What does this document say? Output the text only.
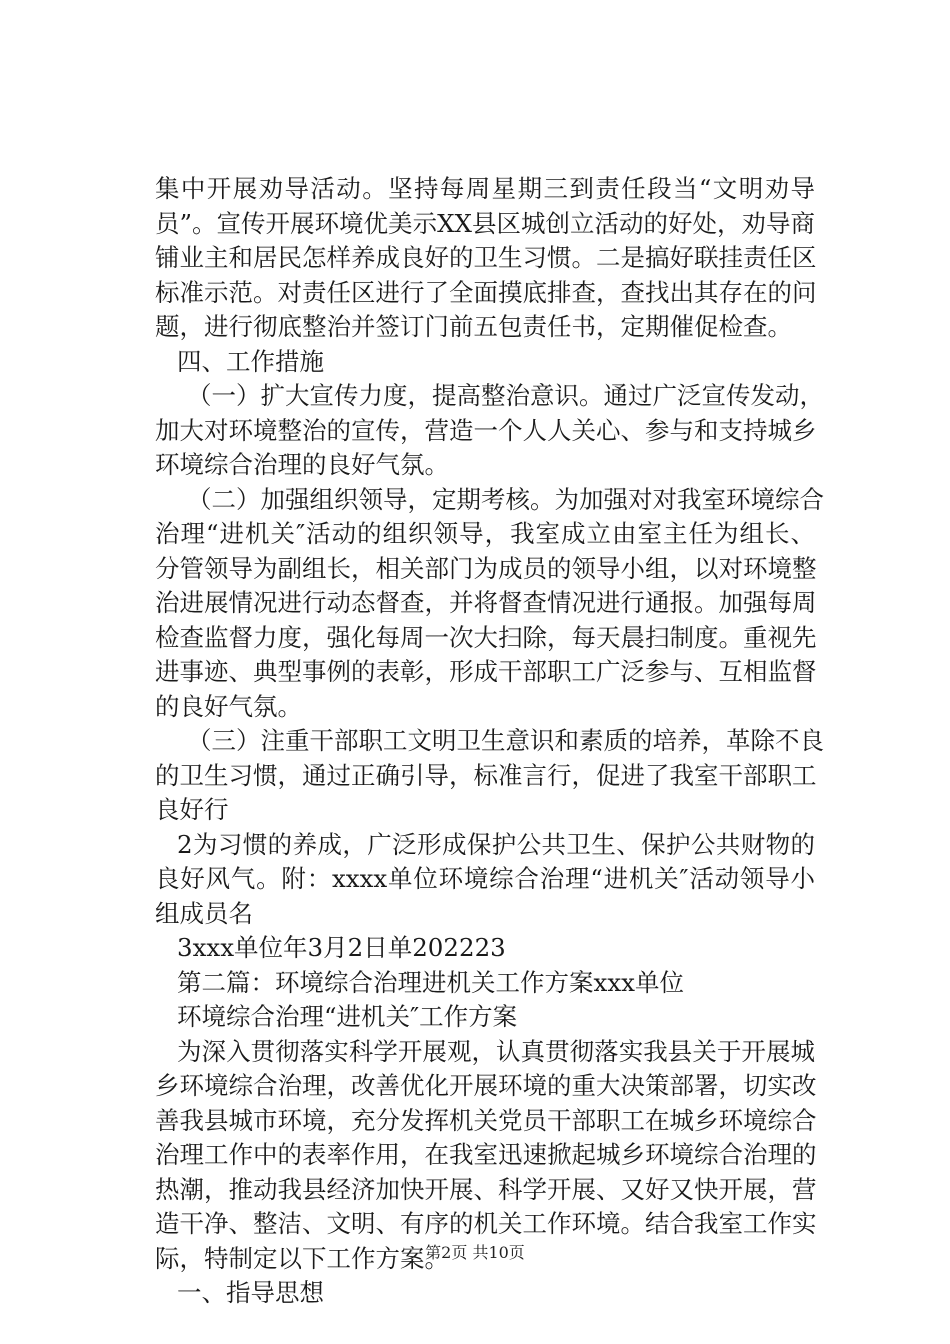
集中开展劝导活动。坚持每周星期三到责任段当“文明劝导
员”。宣传开展环境优美示XX县区城创立活动的好处，劝导商
铺业主和居民怎样养成良好的卫生习惯。二是搞好联挂责任区
标准示范。对责任区进行了全面摸底排查，查找出其存在的问
题，进行彻底整治并签订门前五包责任书，定期催促检查。
四、工作措施
（一）扩大宣传力度，提高整治意识。通过广泛宣传发动，
加大对环境整治的宣传，营造一个人人关心、参与和支持城乡
环境综合治理的良好气氛。
（二）加强组织领导，定期考核。为加强对对我室环境综合
治理“进机关″活动的组织领导，我室成立由室主任为组长、
分管领导为副组长，相关部门为成员的领导小组，以对环境整
治进展情况进行动态督查，并将督查情况进行通报。加强每周
检查监督力度，强化每周一次大扫除，每天晨扫制度。重视先
进事迹、典型事例的表彰，形成干部职工广泛参与、互相监督
的良好气氛。
（三）注重干部职工文明卫生意识和素质的培养，革除不良
的卫生习惯，通过正确引导，标准言行，促进了我室干部职工
良好行
2为习惯的养成，广泛形成保护公共卫生、保护公共财物的
良好风气。附：xxxx单位环境综合治理“进机关″活动领导小
组成员名
3xxx单位年3月2日单202223
第二篇：环境综合治理进机关工作方案xxx单位
环境综合治理“进机关″工作方案
为深入贯彻落实科学开展观，认真贯彻落实我县关于开展城
乡环境综合治理，改善优化开展环境的重大决策部署，切实改
善我县城市环境，充分发挥机关党员干部职工在城乡环境综合
治理工作中的表率作用，在我室迅速掀起城乡环境综合治理的
热潮，推动我县经济加快开展、科学开展、又好又快开展，营
造干净、整洁、文明、有序的机关工作环境。结合我室工作实
际，特制定以下工作方案。
一、指导思想
第2页 共10页
